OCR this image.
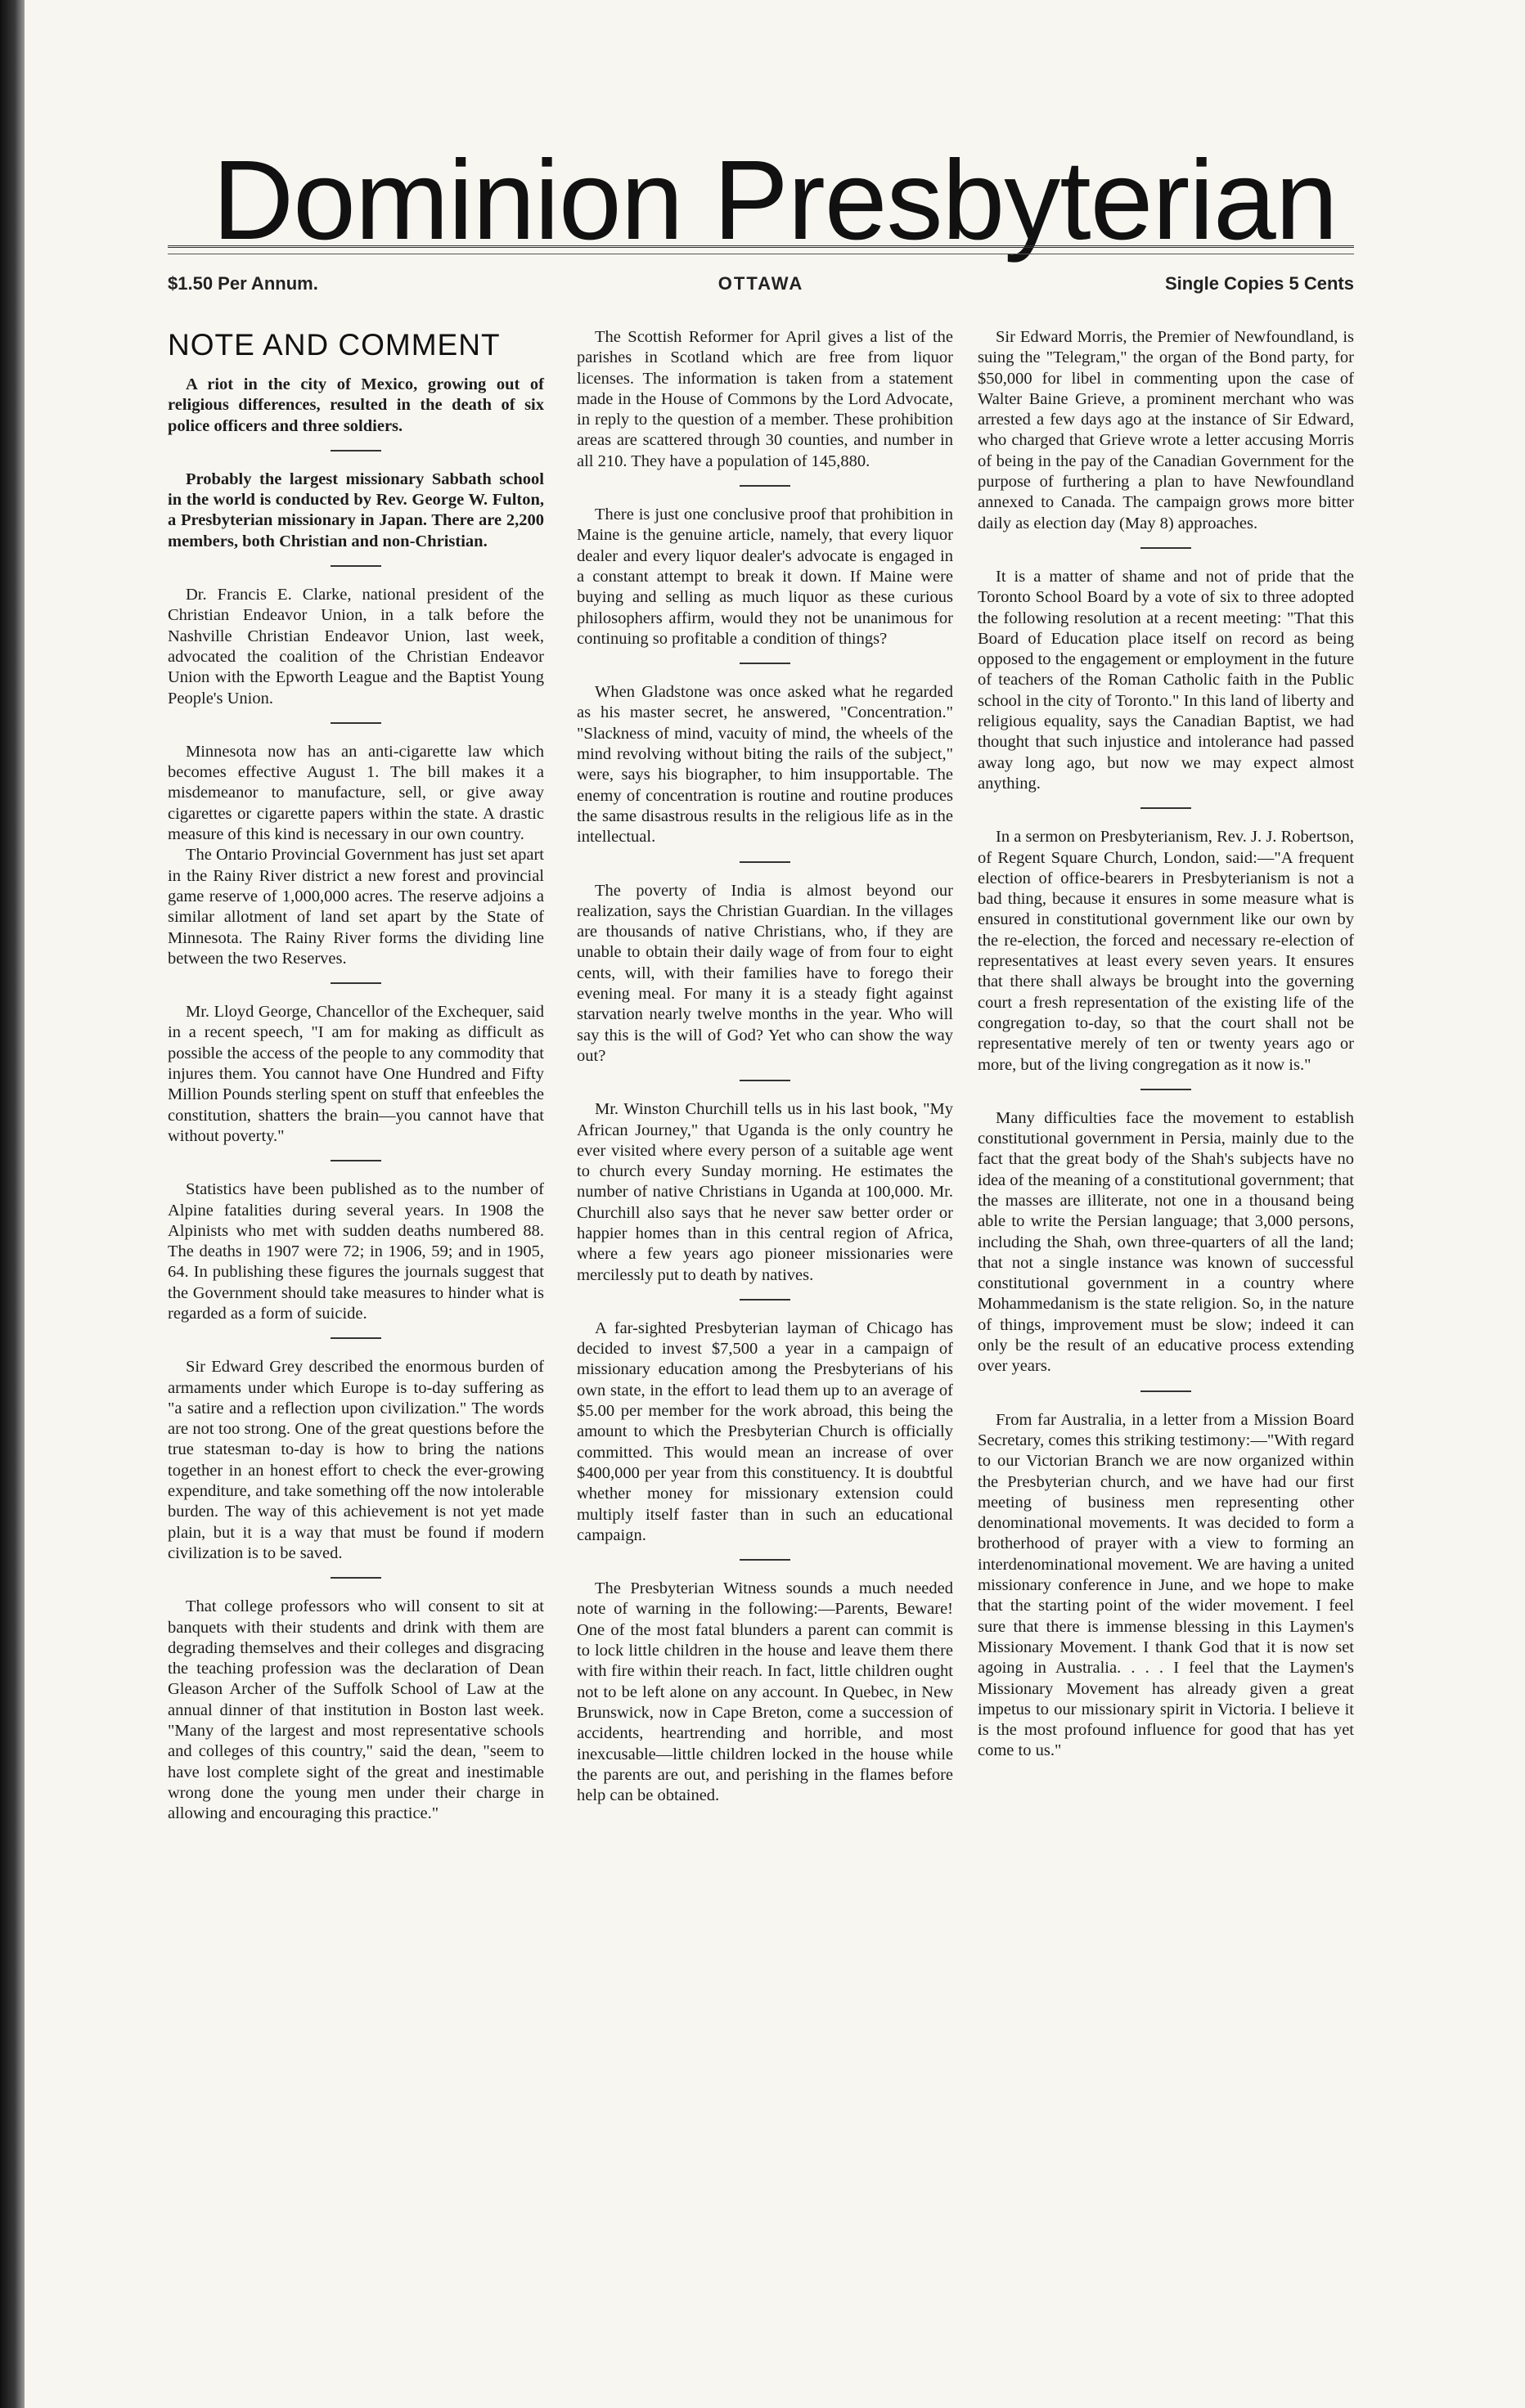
Dominion Presbyterian
$1.50 Per Annum.	OTTAWA	Single Copies 5 Cents
NOTE AND COMMENT

A riot in the city of Mexico, growing out of religious differences, resulted in the death of six police officers and three soldiers.

Probably the largest missionary Sabbath school in the world is conducted by Rev. George W. Fulton, a Presbyterian missionary in Japan. There are 2,200 members, both Christian and non-Christian.

Dr. Francis E. Clarke, national president of the Christian Endeavor Union, in a talk before the Nashville Christian Endeavor Union, last week, advocated the coalition of the Christian Endeavor Union with the Epworth League and the Baptist Young People's Union.

Minnesota now has an anti-cigarette law which becomes effective August 1. The bill makes it a misdemeanor to manufacture, sell, or give away cigarettes or cigarette papers within the state. A drastic measure of this kind is necessary in our own country.

The Ontario Provincial Government has just set apart in the Rainy River district a new forest and provincial game reserve of 1,000,000 acres. The reserve adjoins a similar allotment of land set apart by the State of Minnesota. The Rainy River forms the dividing line between the two Reserves.

Mr. Lloyd George, Chancellor of the Exchequer, said in a recent speech, "I am for making as difficult as possible the access of the people to any commodity that injures them. You cannot have One Hundred and Fifty Million Pounds sterling spent on stuff that enfeebles the constitution, shatters the brain—you cannot have that without poverty."

Statistics have been published as to the number of Alpine fatalities during several years. In 1908 the Alpinists who met with sudden deaths numbered 88. The deaths in 1907 were 72; in 1906, 59; and in 1905, 64. In publishing these figures the journals suggest that the Government should take measures to hinder what is regarded as a form of suicide.

Sir Edward Grey described the enormous burden of armaments under which Europe is to-day suffering as "a satire and a reflection upon civilization." The words are not too strong. One of the great questions before the true statesman to-day is how to bring the nations together in an honest effort to check the ever-growing expenditure, and take something off the now intolerable burden. The way of this achievement is not yet made plain, but it is a way that must be found if modern civilization is to be saved.

That college professors who will consent to sit at banquets with their students and drink with them are degrading themselves and their colleges and disgracing the teaching profession was the declaration of Dean Gleason Archer of the Suffolk School of Law at the annual dinner of that institution in Boston last week. "Many of the largest and most representative schools and colleges of this country," said the dean, "seem to have lost complete sight of the great and inestimable wrong done the young men under their charge in allowing and encouraging this practice."

The Scottish Reformer for April gives a list of the parishes in Scotland which are free from liquor licenses. The information is taken from a statement made in the House of Commons by the Lord Advocate, in reply to the question of a member. These prohibition areas are scattered through 30 counties, and number in all 210. They have a population of 145,880.

There is just one conclusive proof that prohibition in Maine is the genuine article, namely, that every liquor dealer and every liquor dealer's advocate is engaged in a constant attempt to break it down. If Maine were buying and selling as much liquor as these curious philosophers affirm, would they not be unanimous for continuing so profitable a condition of things?

When Gladstone was once asked what he regarded as his master secret, he answered, "Concentration." "Slackness of mind, vacuity of mind, the wheels of the mind revolving without biting the rails of the subject," were, says his biographer, to him insupportable. The enemy of concentration is routine and routine produces the same disastrous results in the religious life as in the intellectual.

The poverty of India is almost beyond our realization, says the Christian Guardian. In the villages are thousands of native Christians, who, if they are unable to obtain their daily wage of from four to eight cents, will, with their families have to forego their evening meal. For many it is a steady fight against starvation nearly twelve months in the year. Who will say this is the will of God? Yet who can show the way out?

Mr. Winston Churchill tells us in his last book, "My African Journey," that Uganda is the only country he ever visited where every person of a suitable age went to church every Sunday morning. He estimates the number of native Christians in Uganda at 100,000. Mr. Churchill also says that he never saw better order or happier homes than in this central region of Africa, where a few years ago pioneer missionaries were mercilessly put to death by natives.

A far-sighted Presbyterian layman of Chicago has decided to invest $7,500 a year in a campaign of missionary education among the Presbyterians of his own state, in the effort to lead them up to an average of $5.00 per member for the work abroad, this being the amount to which the Presbyterian Church is officially committed. This would mean an increase of over $400,000 per year from this constituency. It is doubtful whether money for missionary extension could multiply itself faster than in such an educational campaign.

The Presbyterian Witness sounds a much needed note of warning in the following:—Parents, Beware! One of the most fatal blunders a parent can commit is to lock little children in the house and leave them there with fire within their reach. In fact, little children ought not to be left alone on any account. In Quebec, in New Brunswick, now in Cape Breton, come a succession of accidents, heartrending and horrible, and most inexcusable—little children locked in the house while the parents are out, and perishing in the flames before help can be obtained.

Sir Edward Morris, the Premier of Newfoundland, is suing the "Telegram," the organ of the Bond party, for $50,000 for libel in commenting upon the case of Walter Baine Grieve, a prominent merchant who was arrested a few days ago at the instance of Sir Edward, who charged that Grieve wrote a letter accusing Morris of being in the pay of the Canadian Government for the purpose of furthering a plan to have Newfoundland annexed to Canada. The campaign grows more bitter daily as election day (May 8) approaches.

It is a matter of shame and not of pride that the Toronto School Board by a vote of six to three adopted the following resolution at a recent meeting: "That this Board of Education place itself on record as being opposed to the engagement or employment in the future of teachers of the Roman Catholic faith in the Public school in the city of Toronto." In this land of liberty and religious equality, says the Canadian Baptist, we had thought that such injustice and intolerance had passed away long ago, but now we may expect almost anything.

In a sermon on Presbyterianism, Rev. J. J. Robertson, of Regent Square Church, London, said:—"A frequent election of office-bearers in Presbyterianism is not a bad thing, because it ensures in some measure what is ensured in constitutional government like our own by the re-election, the forced and necessary re-election of representatives at least every seven years. It ensures that there shall always be brought into the governing court a fresh representation of the existing life of the congregation to-day, so that the court shall not be representative merely of ten or twenty years ago or more, but of the living congregation as it now is."

Many difficulties face the movement to establish constitutional government in Persia, mainly due to the fact that the great body of the Shah's subjects have no idea of the meaning of a constitutional government; that the masses are illiterate, not one in a thousand being able to write the Persian language; that 3,000 persons, including the Shah, own three-quarters of all the land; that not a single instance was known of successful constitutional government in a country where Mohammedanism is the state religion. So, in the nature of things, improvement must be slow; indeed it can only be the result of an educative process extending over years.

From far Australia, in a letter from a Mission Board Secretary, comes this striking testimony:—"With regard to our Victorian Branch we are now organized within the Presbyterian church, and we have had our first meeting of business men representing other denominational movements. It was decided to form a brotherhood of prayer with a view to forming an interdenominational movement. We are having a united missionary conference in June, and we hope to make that the starting point of the wider movement. I feel sure that there is immense blessing in this Laymen's Missionary Movement. I thank God that it is now set agoing in Australia. . . . I feel that the Laymen's Missionary Movement has already given a great impetus to our missionary spirit in Victoria. I believe it is the most profound influence for good that has yet come to us."
